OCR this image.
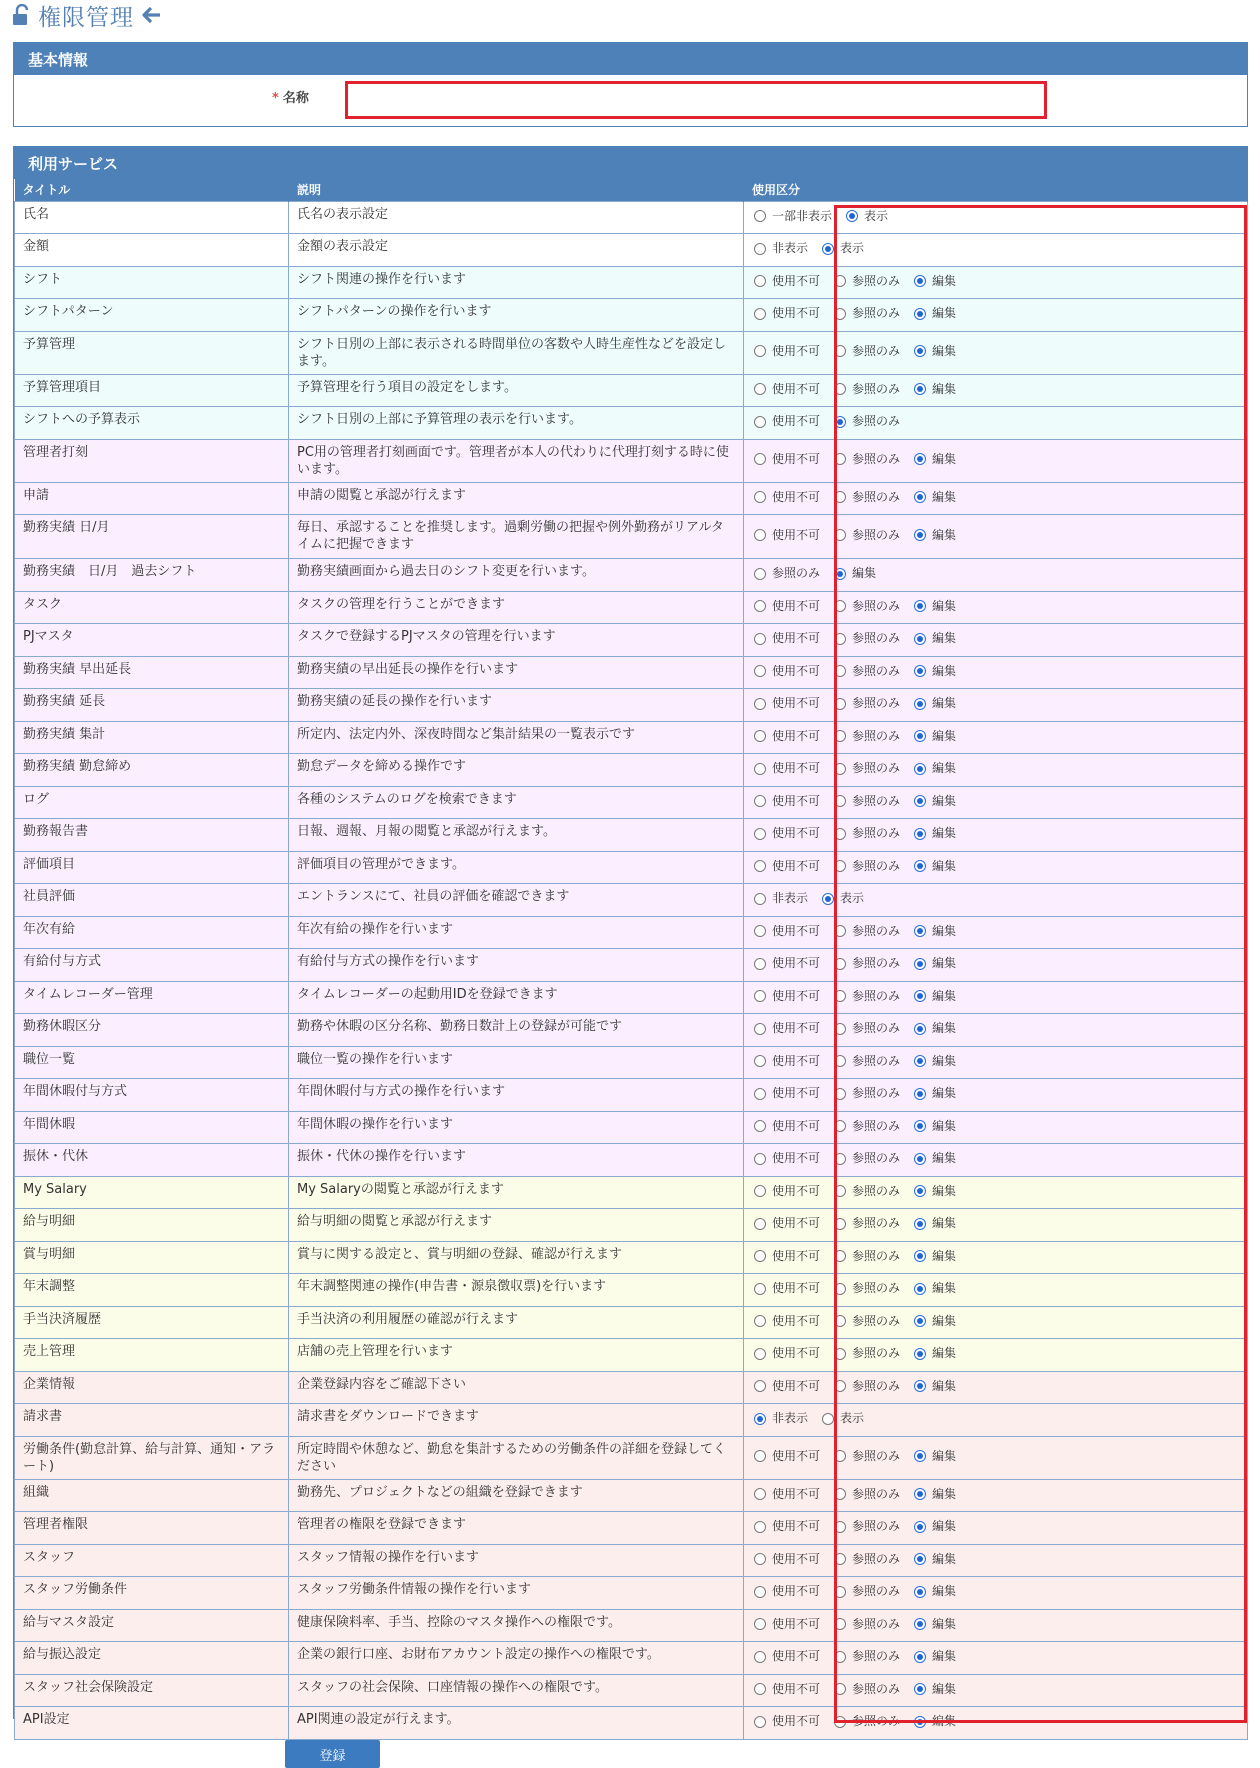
権限管理
基本情報
* 名称
利用サービス
タイトル	説明	使用区分
氏名	氏名の表示設定	一部非表示 表示

金額	金額の表示設定	非表示 表示

シフト	シフト関連の操作を行います	使用不可 参照のみ 編集

シフトパターン	シフトパターンの操作を行います	使用不可 参照のみ 編集

予算管理	シフト日別の上部に表示される時間単位の客数や人時生産性などを設定します。	使用不可 参照のみ 編集

予算管理項目	予算管理を行う項目の設定をします。	使用不可 参照のみ 編集

シフトへの予算表示	シフト日別の上部に予算管理の表示を行います。	使用不可 参照のみ

管理者打刻	PC用の管理者打刻画面です。管理者が本人の代わりに代理打刻する時に使います。	使用不可 参照のみ 編集

申請	申請の閲覧と承認が行えます	使用不可 参照のみ 編集

勤務実績 日/月	毎日、承認することを推奨します。過剰労働の把握や例外勤務がリアルタイムに把握できます	使用不可 参照のみ 編集

勤務実績　日/月　過去シフト	勤務実績画面から過去日のシフト変更を行います。	参照のみ 編集

タスク	タスクの管理を行うことができます	使用不可 参照のみ 編集

PJマスタ	タスクで登録するPJマスタの管理を行います	使用不可 参照のみ 編集

勤務実績 早出延長	勤務実績の早出延長の操作を行います	使用不可 参照のみ 編集

勤務実績 延長	勤務実績の延長の操作を行います	使用不可 参照のみ 編集

勤務実績 集計	所定内、法定内外、深夜時間など集計結果の一覧表示です	使用不可 参照のみ 編集

勤務実績 勤怠締め	勤怠データを締める操作です	使用不可 参照のみ 編集

ログ	各種のシステムのログを検索できます	使用不可 参照のみ 編集

勤務報告書	日報、週報、月報の閲覧と承認が行えます。	使用不可 参照のみ 編集

評価項目	評価項目の管理ができます。	使用不可 参照のみ 編集

社員評価	エントランスにて、社員の評価を確認できます	非表示 表示

年次有給	年次有給の操作を行います	使用不可 参照のみ 編集

有給付与方式	有給付与方式の操作を行います	使用不可 参照のみ 編集

タイムレコーダー管理	タイムレコーダーの起動用IDを登録できます	使用不可 参照のみ 編集

勤務休暇区分	勤務や休暇の区分名称、勤務日数計上の登録が可能です	使用不可 参照のみ 編集

職位一覧	職位一覧の操作を行います	使用不可 参照のみ 編集

年間休暇付与方式	年間休暇付与方式の操作を行います	使用不可 参照のみ 編集

年間休暇	年間休暇の操作を行います	使用不可 参照のみ 編集

振休・代休	振休・代休の操作を行います	使用不可 参照のみ 編集

My Salary	My Salaryの閲覧と承認が行えます	使用不可 参照のみ 編集

給与明細	給与明細の閲覧と承認が行えます	使用不可 参照のみ 編集

賞与明細	賞与に関する設定と、賞与明細の登録、確認が行えます	使用不可 参照のみ 編集

年末調整	年末調整関連の操作(申告書・源泉徴収票)を行います	使用不可 参照のみ 編集

手当決済履歴	手当決済の利用履歴の確認が行えます	使用不可 参照のみ 編集

売上管理	店舗の売上管理を行います	使用不可 参照のみ 編集

企業情報	企業登録内容をご確認下さい	使用不可 参照のみ 編集

請求書	請求書をダウンロードできます	非表示 表示

労働条件(勤怠計算、給与計算、通知・アラート)	所定時間や休憩など、勤怠を集計するための労働条件の詳細を登録してください	使用不可 参照のみ 編集

組織	勤務先、プロジェクトなどの組織を登録できます	使用不可 参照のみ 編集

管理者権限	管理者の権限を登録できます	使用不可 参照のみ 編集

スタッフ	スタッフ情報の操作を行います	使用不可 参照のみ 編集

スタッフ労働条件	スタッフ労働条件情報の操作を行います	使用不可 参照のみ 編集

給与マスタ設定	健康保険料率、手当、控除のマスタ操作への権限です。	使用不可 参照のみ 編集

給与振込設定	企業の銀行口座、お財布アカウント設定の操作への権限です。	使用不可 参照のみ 編集

スタッフ社会保険設定	スタッフの社会保険、口座情報の操作への権限です。	使用不可 参照のみ 編集

API設定	API関連の設定が行えます。	使用不可 参照のみ 編集
登録
